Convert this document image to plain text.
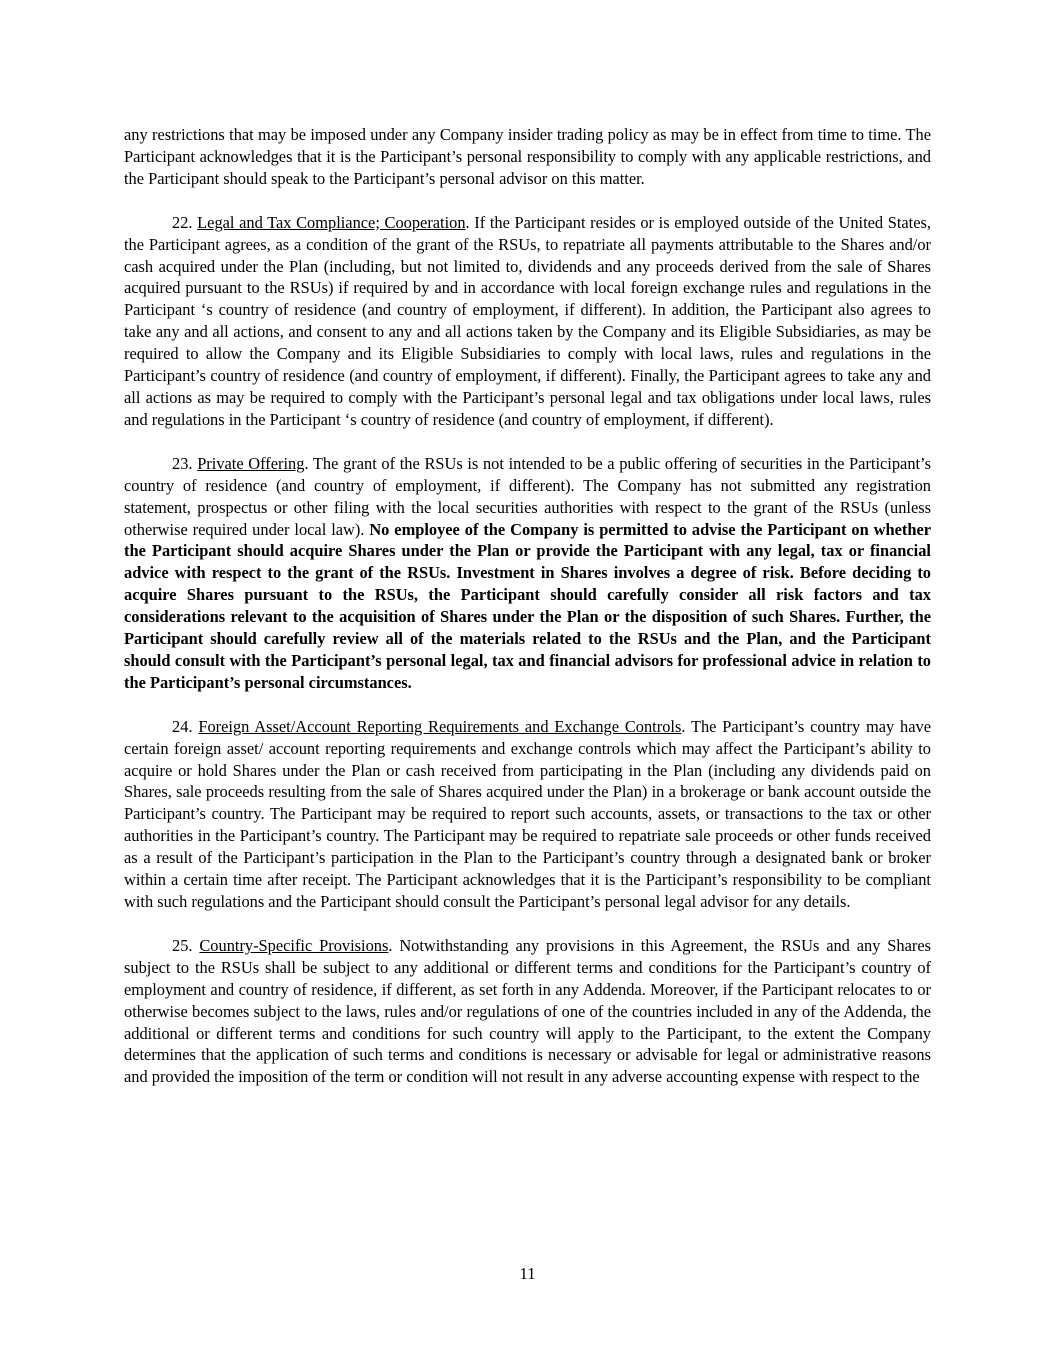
any restrictions that may be imposed under any Company insider trading policy as may be in effect from time to time. The Participant acknowledges that it is the Participant’s personal responsibility to comply with any applicable restrictions, and the Participant should speak to the Participant’s personal advisor on this matter.

22. Legal and Tax Compliance; Cooperation. If the Participant resides or is employed outside of the United States, the Participant agrees, as a condition of the grant of the RSUs, to repatriate all payments attributable to the Shares and/or cash acquired under the Plan (including, but not limited to, dividends and any proceeds derived from the sale of Shares acquired pursuant to the RSUs) if required by and in accordance with local foreign exchange rules and regulations in the Participant ‘s country of residence (and country of employment, if different). In addition, the Participant also agrees to take any and all actions, and consent to any and all actions taken by the Company and its Eligible Subsidiaries, as may be required to allow the Company and its Eligible Subsidiaries to comply with local laws, rules and regulations in the Participant’s country of residence (and country of employment, if different). Finally, the Participant agrees to take any and all actions as may be required to comply with the Participant’s personal legal and tax obligations under local laws, rules and regulations in the Participant ‘s country of residence (and country of employment, if different).

23. Private Offering. The grant of the RSUs is not intended to be a public offering of securities in the Participant’s country of residence (and country of employment, if different). The Company has not submitted any registration statement, prospectus or other filing with the local securities authorities with respect to the grant of the RSUs (unless otherwise required under local law). No employee of the Company is permitted to advise the Participant on whether the Participant should acquire Shares under the Plan or provide the Participant with any legal, tax or financial advice with respect to the grant of the RSUs. Investment in Shares involves a degree of risk. Before deciding to acquire Shares pursuant to the RSUs, the Participant should carefully consider all risk factors and tax considerations relevant to the acquisition of Shares under the Plan or the disposition of such Shares. Further, the Participant should carefully review all of the materials related to the RSUs and the Plan, and the Participant should consult with the Participant’s personal legal, tax and financial advisors for professional advice in relation to the Participant’s personal circumstances.

24. Foreign Asset/Account Reporting Requirements and Exchange Controls. The Participant’s country may have certain foreign asset/ account reporting requirements and exchange controls which may affect the Participant’s ability to acquire or hold Shares under the Plan or cash received from participating in the Plan (including any dividends paid on Shares, sale proceeds resulting from the sale of Shares acquired under the Plan) in a brokerage or bank account outside the Participant’s country. The Participant may be required to report such accounts, assets, or transactions to the tax or other authorities in the Participant’s country. The Participant may be required to repatriate sale proceeds or other funds received as a result of the Participant’s participation in the Plan to the Participant’s country through a designated bank or broker within a certain time after receipt. The Participant acknowledges that it is the Participant’s responsibility to be compliant with such regulations and the Participant should consult the Participant’s personal legal advisor for any details.

25. Country-Specific Provisions. Notwithstanding any provisions in this Agreement, the RSUs and any Shares subject to the RSUs shall be subject to any additional or different terms and conditions for the Participant’s country of employment and country of residence, if different, as set forth in any Addenda. Moreover, if the Participant relocates to or otherwise becomes subject to the laws, rules and/or regulations of one of the countries included in any of the Addenda, the additional or different terms and conditions for such country will apply to the Participant, to the extent the Company determines that the application of such terms and conditions is necessary or advisable for legal or administrative reasons and provided the imposition of the term or condition will not result in any adverse accounting expense with respect to the

11
